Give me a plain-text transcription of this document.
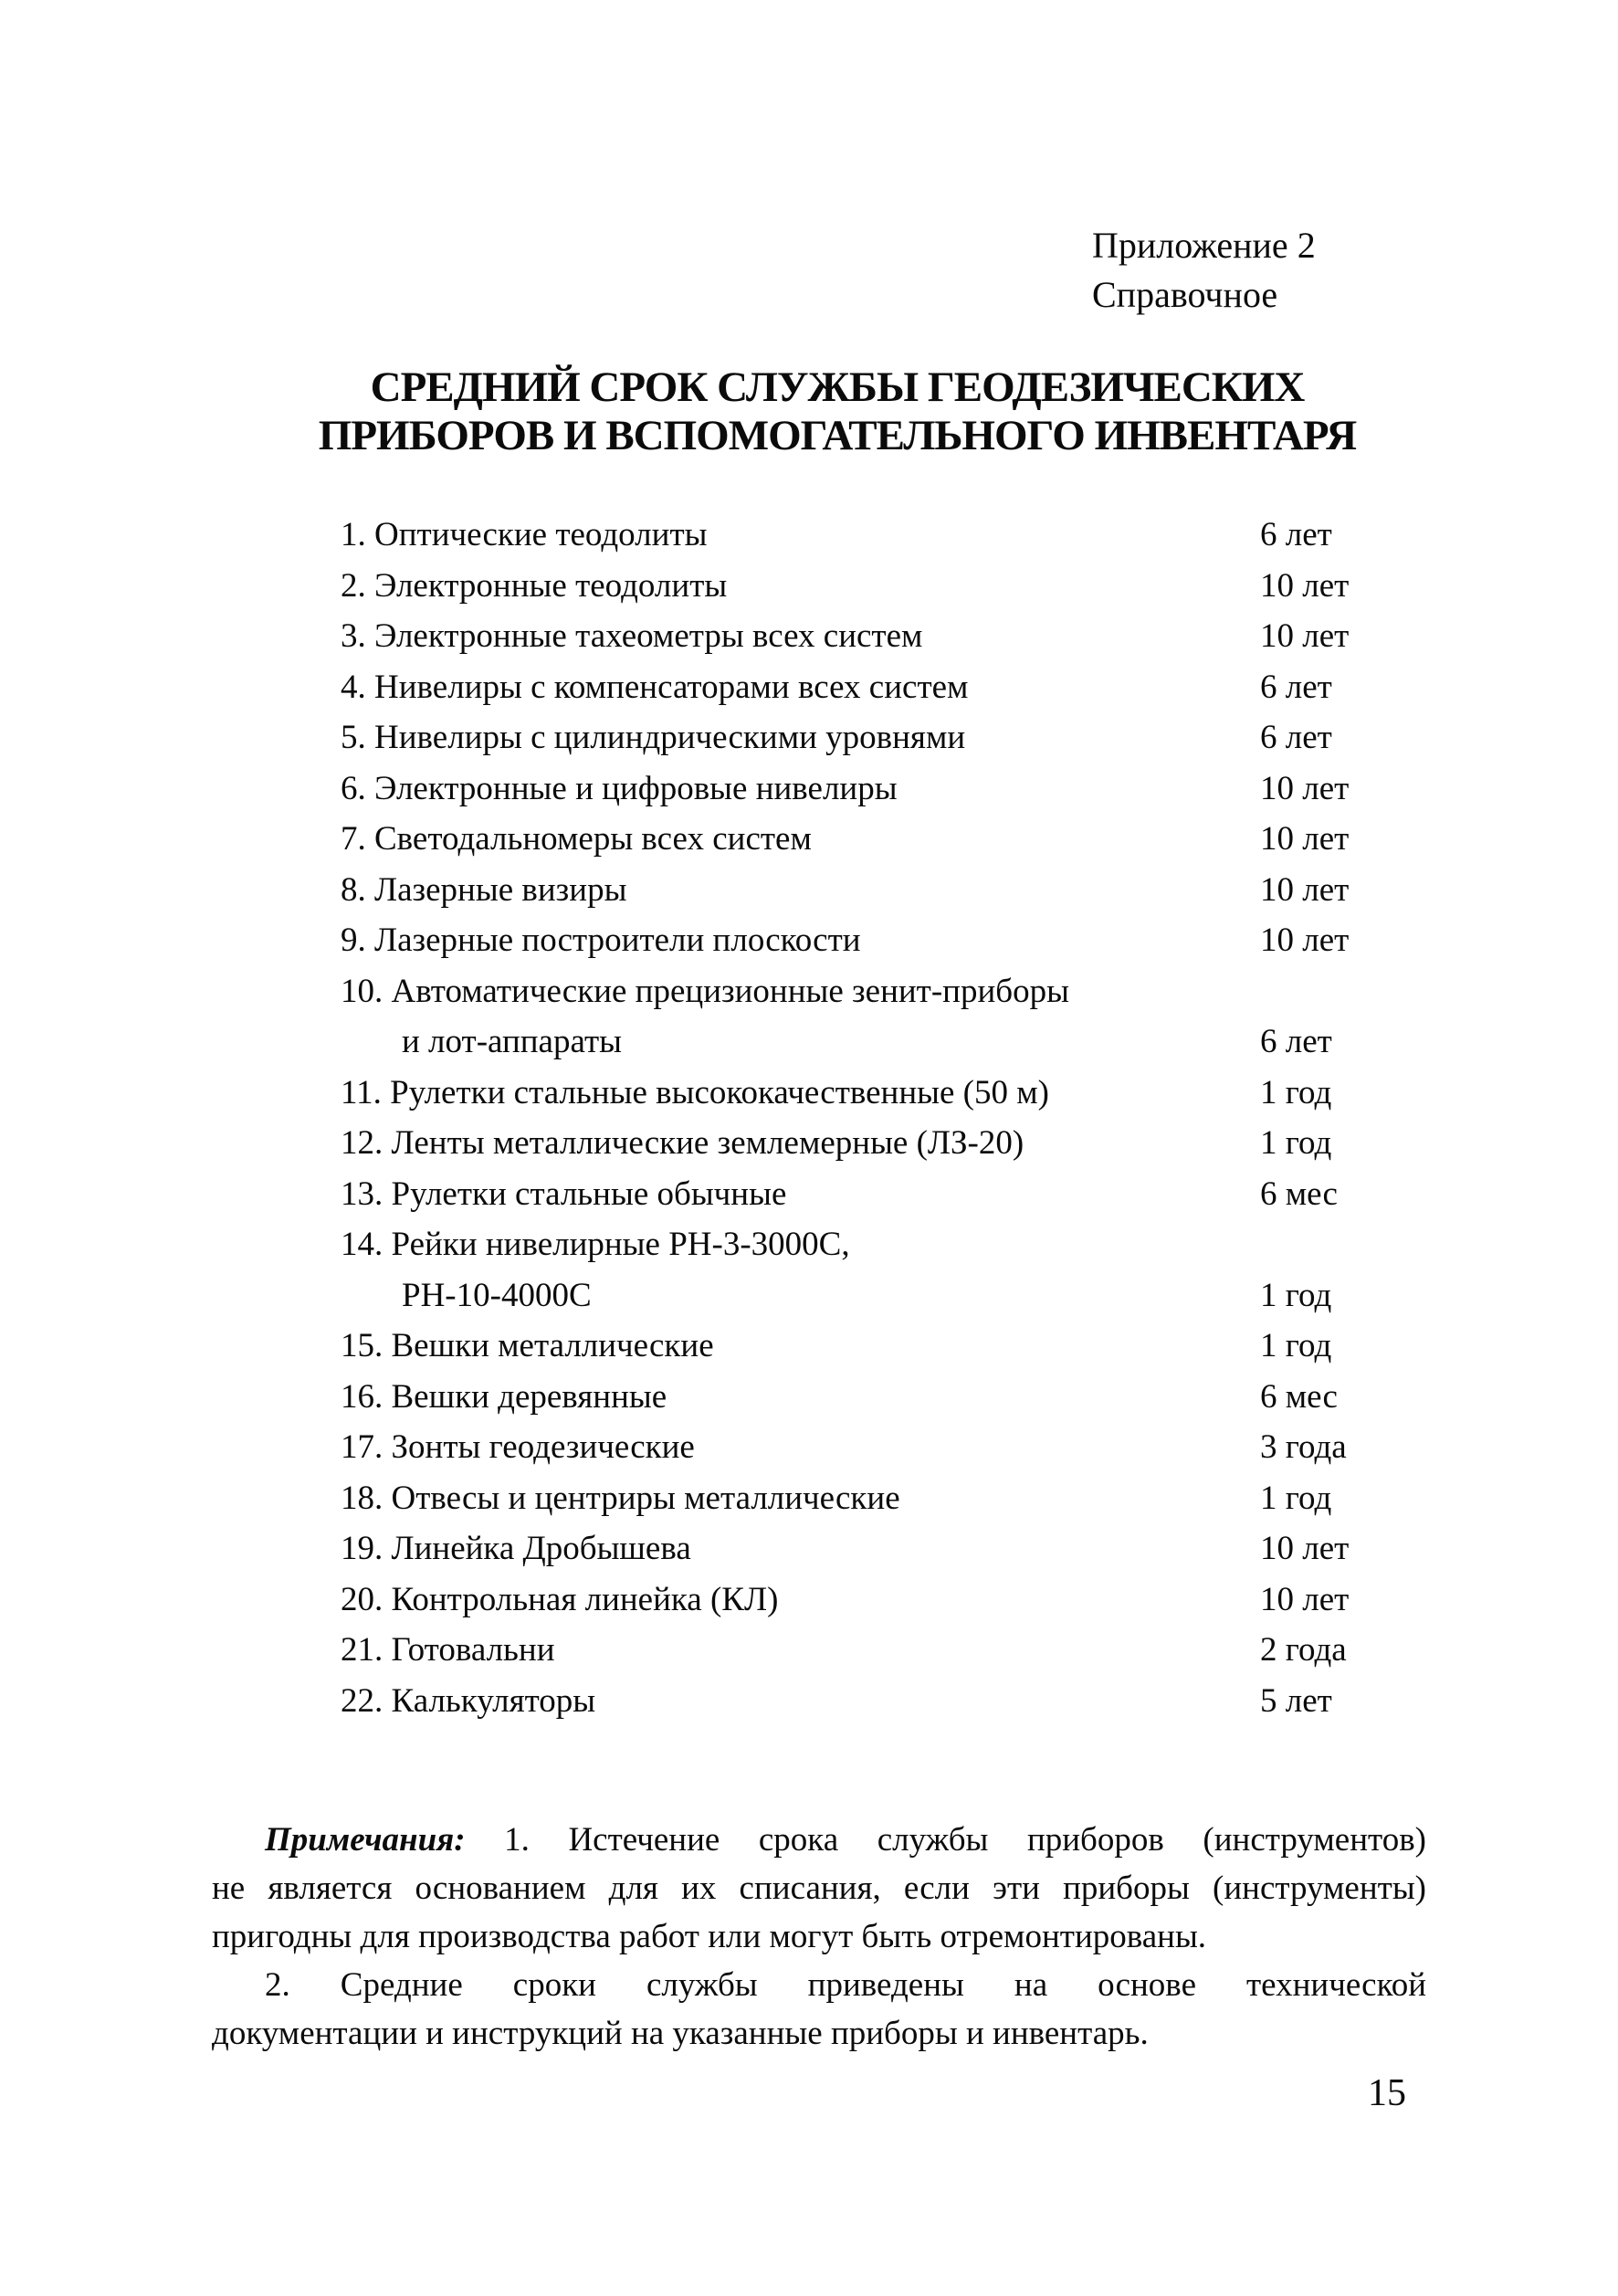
Приложение 2
Справочное
СРЕДНИЙ СРОК СЛУЖБЫ ГЕОДЕЗИЧЕСКИХ
ПРИБОРОВ И ВСПОМОГАТЕЛЬНОГО ИНВЕНТАРЯ
1. Оптические теодолиты	6 лет
2. Электронные теодолиты	10 лет
3. Электронные тахеометры всех систем	10 лет
4. Нивелиры с компенсаторами всех систем	6 лет
5. Нивелиры с цилиндрическими уровнями	6 лет
6. Электронные и цифровые нивелиры	10 лет
7. Светодальномеры всех систем	10 лет
8. Лазерные визиры	10 лет
9. Лазерные построители плоскости	10 лет
10. Автоматические прецизионные зенит-приборы
и лот-аппараты	6 лет
11. Рулетки стальные высококачественные (50 м)	1 год
12. Ленты металлические землемерные (ЛЗ-20)	1 год
13. Рулетки стальные обычные	6 мес
14. Рейки нивелирные РН-3-3000С,
РН-10-4000С	1 год
15. Вешки металлические	1 год
16. Вешки деревянные	6 мес
17. Зонты геодезические	3 года
18. Отвесы и центриры металлические	1 год
19. Линейка Дробышева	10 лет
20. Контрольная линейка (КЛ)	10 лет
21. Готовальни	2 года
22. Калькуляторы	5 лет
Примечания: 1. Истечение срока службы приборов (инструментов)
не является основанием для их списания, если эти приборы (инструменты)
пригодны для производства работ или могут быть отремонтированы.
2. Средние сроки службы приведены на основе технической
документации и инструкций на указанные приборы и инвентарь.
15
